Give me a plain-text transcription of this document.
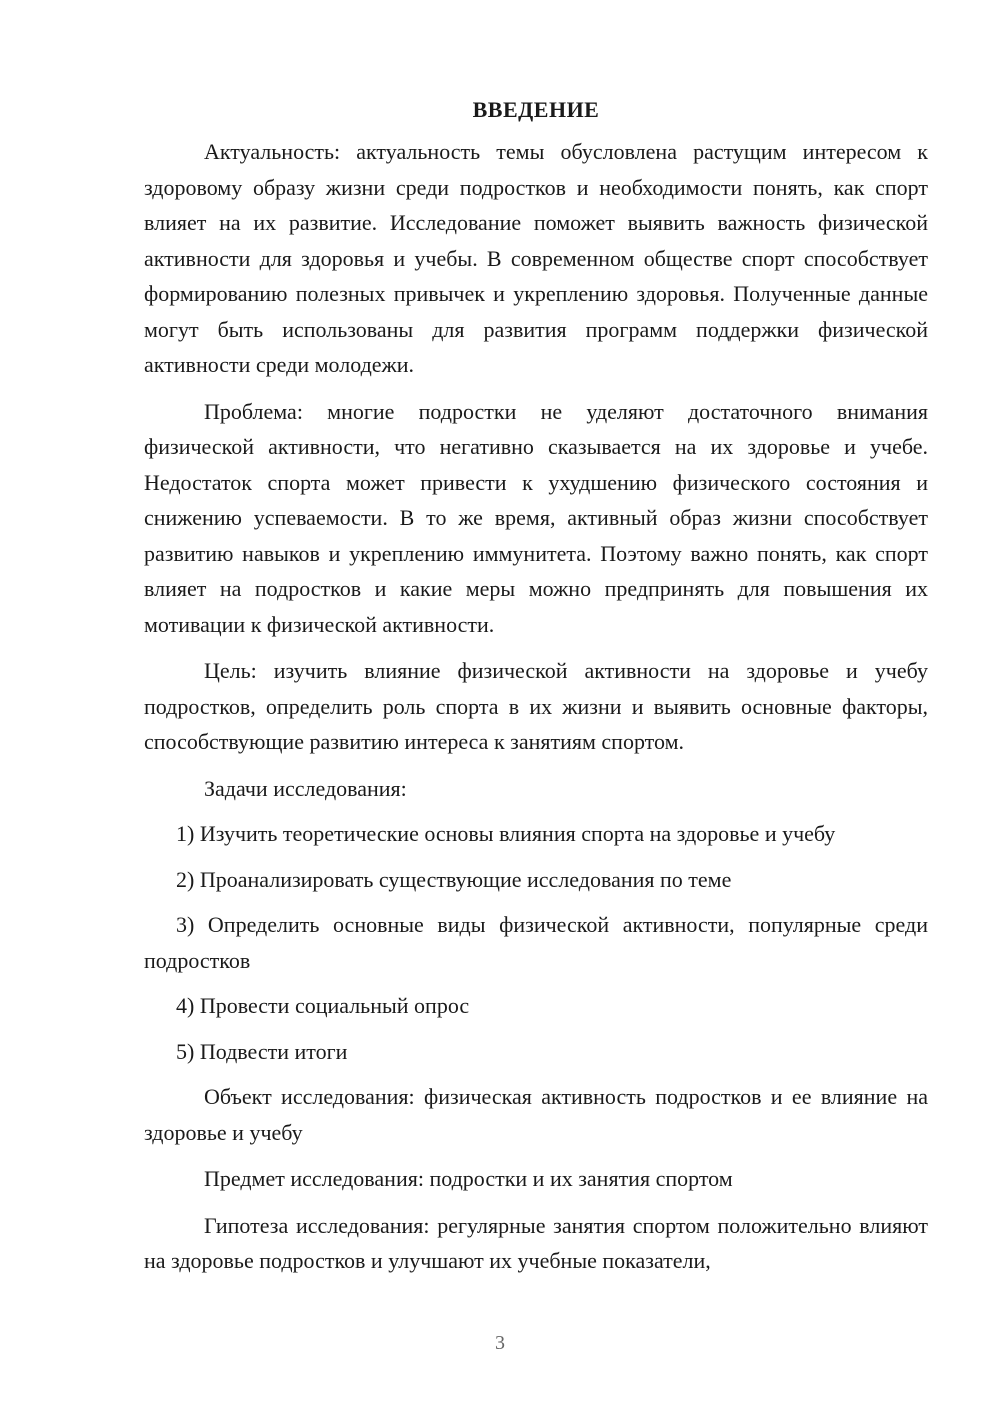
ВВЕДЕНИЕ

Актуальность: актуальность темы обусловлена растущим интересом к здоровому образу жизни среди подростков и необходимости понять, как спорт влияет на их развитие. Исследование поможет выявить важность физической активности для здоровья и учебы. В современном обществе спорт способствует формированию полезных привычек и укреплению здоровья. Полученные данные могут быть использованы для развития программ поддержки физической активности среди молодежи.

Проблема: многие подростки не уделяют достаточного внимания физической активности, что негативно сказывается на их здоровье и учебе. Недостаток спорта может привести к ухудшению физического состояния и снижению успеваемости. В то же время, активный образ жизни способствует развитию навыков и укреплению иммунитета. Поэтому важно понять, как спорт влияет на подростков и какие меры можно предпринять для повышения их мотивации к физической активности.

Цель: изучить влияние физической активности на здоровье и учебу подростков, определить роль спорта в их жизни и выявить основные факторы, способствующие развитию интереса к занятиям спортом.

Задачи исследования:

1) Изучить теоретические основы влияния спорта на здоровье и учебу

2) Проанализировать существующие исследования по теме

3) Определить основные виды физической активности, популярные среди подростков

4) Провести социальный опрос

5) Подвести итоги

Объект исследования: физическая активность подростков и ее влияние на здоровье и учебу

Предмет исследования: подростки и их занятия спортом

Гипотеза исследования: регулярные занятия спортом положительно влияют на здоровье подростков и улучшают их учебные показатели,

3
